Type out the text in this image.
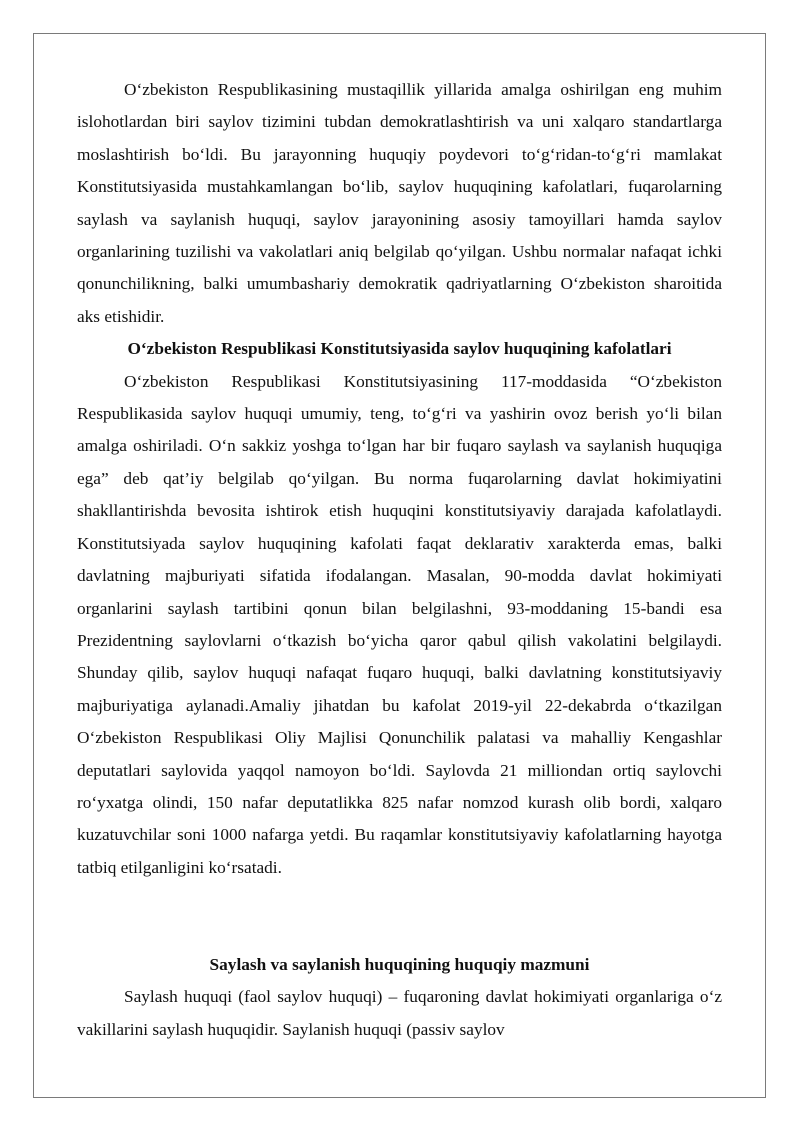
O‘zbekiston Respublikasining mustaqillik yillarida amalga oshirilgan eng muhim islohotlardan biri saylov tizimini tubdan demokratlashtirish va uni xalqaro standartlarga moslashtirish bo‘ldi. Bu jarayonning huquqiy poydevori to‘g‘ridan-to‘g‘ri mamlakat Konstitutsiyasida mustahkamlangan bo‘lib, saylov huquqining kafolatlari, fuqarolarning saylash va saylanish huquqi, saylov jarayonining asosiy tamoyillari hamda saylov organlarining tuzilishi va vakolatlari aniq belgilab qo‘yilgan. Ushbu normalar nafaqat ichki qonunchilikning, balki umumbashariy demokratik qadriyatlarning O‘zbekiston sharoitida aks etishidir.

O‘zbekiston Respublikasi Konstitutsiyasida saylov huquqining kafolatlari

O‘zbekiston Respublikasi Konstitutsiyasining 117-moddasida “O‘zbekiston Respublikasida saylov huquqi umumiy, teng, to‘g‘ri va yashirin ovoz berish yo‘li bilan amalga oshiriladi. O‘n sakkiz yoshga to‘lgan har bir fuqaro saylash va saylanish huquqiga ega” deb qat’iy belgilab qo‘yilgan. Bu norma fuqarolarning davlat hokimiyatini shakllantirishda bevosita ishtirok etish huquqini konstitutsiyaviy darajada kafolatlaydi. Konstitutsiyada saylov huquqining kafolati faqat deklarativ xarakterda emas, balki davlatning majburiyati sifatida ifodalangan. Masalan, 90-modda davlat hokimiyati organlarini saylash tartibini qonun bilan belgilashni, 93-moddaning 15-bandi esa Prezidentning saylovlarni o‘tkazish bo‘yicha qaror qabul qilish vakolatini belgilaydi. Shunday qilib, saylov huquqi nafaqat fuqaro huquqi, balki davlatning konstitutsiyaviy majburiyatiga aylanadi.Amaliy jihatdan bu kafolat 2019-yil 22-dekabrda o‘tkazilgan O‘zbekiston Respublikasi Oliy Majlisi Qonunchilik palatasi va mahalliy Kengashlar deputatlari saylovida yaqqol namoyon bo‘ldi. Saylovda 21 milliondan ortiq saylovchi ro‘yxatga olindi, 150 nafar deputatlikka 825 nafar nomzod kurash olib bordi, xalqaro kuzatuvchilar soni 1000 nafarga yetdi. Bu raqamlar konstitutsiyaviy kafolatlarning hayotga tatbiq etilganligini ko‘rsatadi.

Saylash va saylanish huquqining huquqiy mazmuni

Saylash huquqi (faol saylov huquqi) – fuqaroning davlat hokimiyati organlariga o‘z vakillarini saylash huquqidir. Saylanish huquqi (passiv saylov
